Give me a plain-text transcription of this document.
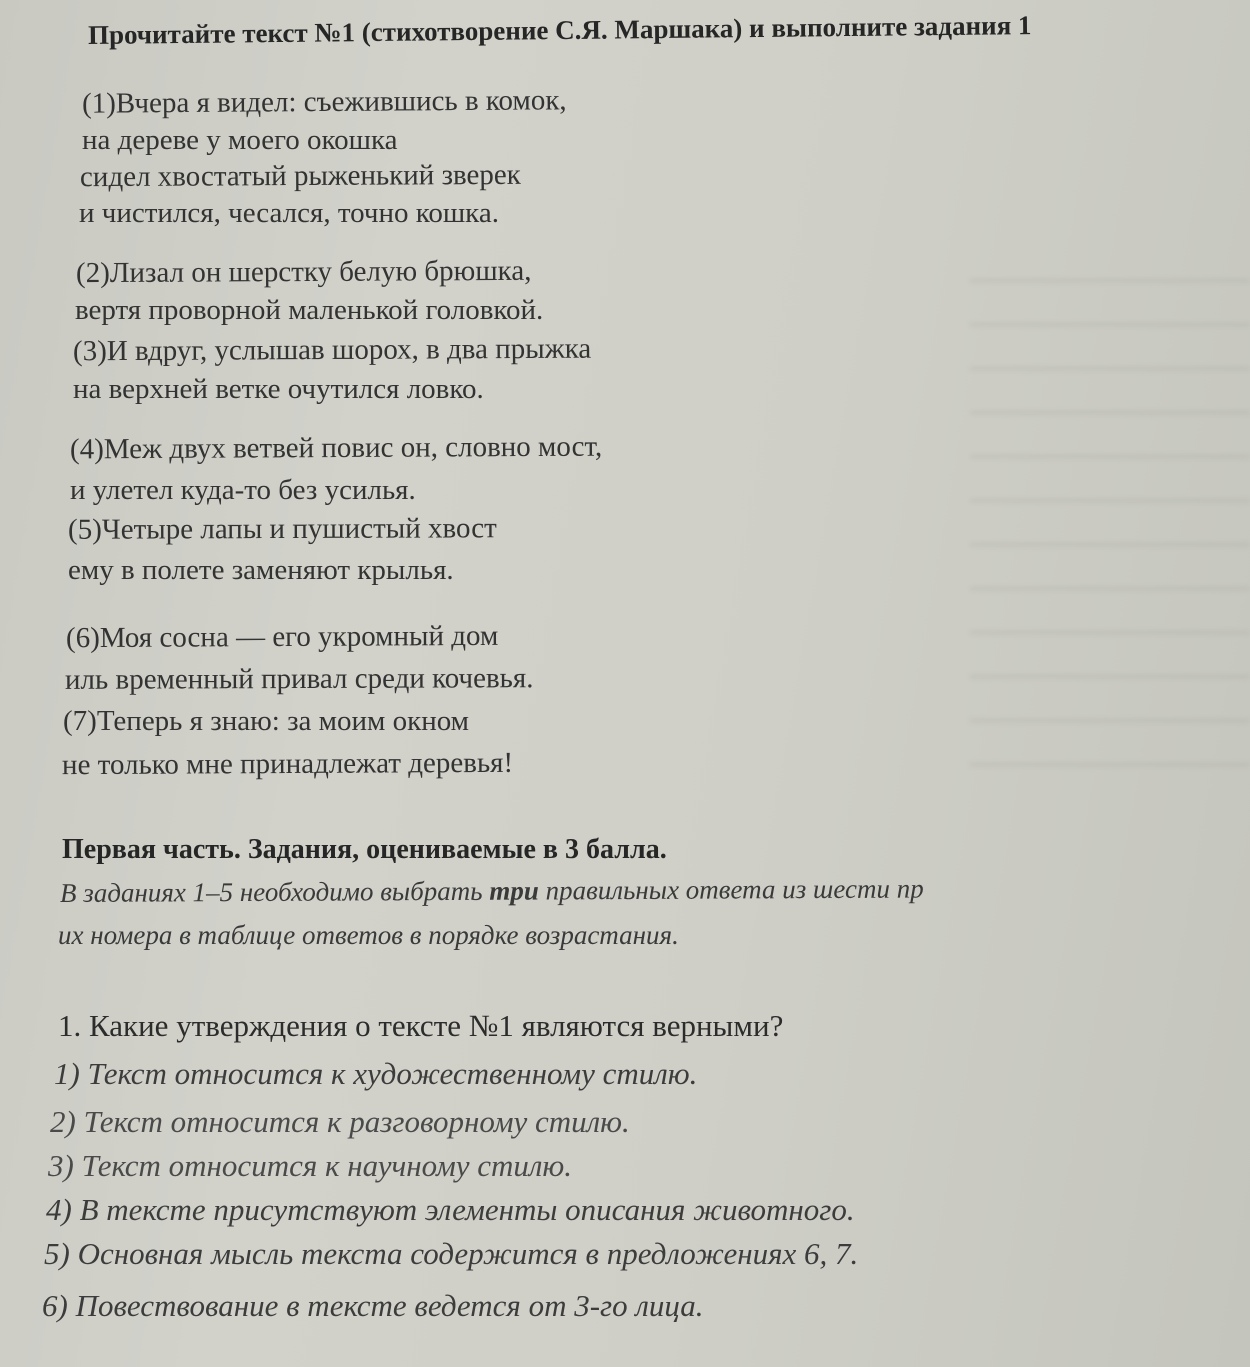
Прочитайте текст №1 (стихотворение С.Я. Маршака) и выполните задания 1
(1)Вчера я видел: съежившись в комок,
на дереве у моего окошка
сидел хвостатый рыженький зверек
и чистился, чесался, точно кошка.
(2)Лизал он шерстку белую брюшка,
вертя проворной маленькой головкой.
(3)И вдруг, услышав шорох, в два прыжка
на верхней ветке очутился ловко.
(4)Меж двух ветвей повис он, словно мост,
и улетел куда-то без усилья.
(5)Четыре лапы и пушистый хвост
ему в полете заменяют крылья.
(6)Моя сосна — его укромный дом
иль временный привал среди кочевья.
(7)Теперь я знаю: за моим окном
не только мне принадлежат деревья!
Первая часть. Задания, оцениваемые в 3 балла.
В заданиях 1–5 необходимо выбрать три правильных ответа из шести пр
их номера в таблице ответов в порядке возрастания.
1. Какие утверждения о тексте №1 являются верными?
1) Текст относится к художественному стилю.
2) Текст относится к разговорному стилю.
3) Текст относится к научному стилю.
4) В тексте присутствуют элементы описания животного.
5) Основная мысль текста содержится в предложениях 6, 7.
6) Повествование в тексте ведется от 3-го лица.
